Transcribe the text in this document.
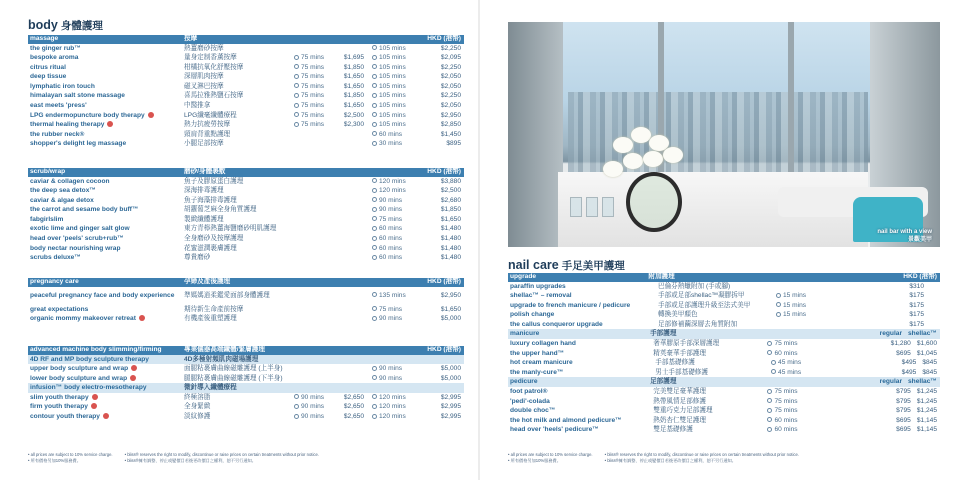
body 身體護理
massage	按摩	HKD (港幣)
the ginger rub™	熱薑磨砂按摩	105 mins	$2,250
bespoke aroma	量身定制香薰按摩	75 mins	$1,695	105 mins	$2,095
citrus ritual	柑橘抗氧化舒壓按摩	75 mins	$1,850	105 mins	$2,250
deep tissue	深層肌肉按摩	75 mins	$1,650	105 mins	$2,050
lymphatic iron touch	磁叉淋巴按摩	75 mins	$1,650	105 mins	$2,050
himalayan salt stone massage	喜馬拉雅熱鹽石按摩	75 mins	$1,850	105 mins	$2,250
east meets 'press'	中醫推拿	75 mins	$1,650	105 mins	$2,050
LPG endermopuncture body therapy	LPG纖毫纖體療程	75 mins	$2,500	105 mins	$2,950
thermal healing therapy	熱力抗疲勞按摩	75 mins	$2,300	105 mins	$2,850
the rubber neck®	頸肩背重點護理	60 mins	$1,450
shopper's delight leg massage	小腿足部按摩	30 mins	$895
scrub/wrap	磨砂/身體裹敷	HKD (港幣)
caviar & collagen cocoon	魚子及膠原蛋白護理	120 mins	$3,880
the deep sea detox™	深海排毒護理	120 mins	$2,500
caviar & algae detox	魚子海藻排毒護理	90 mins	$2,680
the carrot and sesame body buff™	胡蘿蔔芝麻全身角質護理	90 mins	$1,850
fabgirlslim	製緻纖體護理	75 mins	$1,650
exotic lime and ginger salt glow	東方青檸熱薑海鹽磨砂明肌護理	60 mins	$1,480
head over 'peels' scrub+rub™	全身磨砂及按摩護理	60 mins	$1,480
body nectar nourishing wrap	花蜜滋潤裹膚護理	60 mins	$1,480
scrubs deluxe™	尊貴磨砂	60 mins	$1,480
pregnancy care	孕婦及產後護理	HKD (港幣)
peaceful pregnancy face and body experience	準媽媽逍柔鑑愛面部身體護理	135 mins	$2,950
great expectations	期待新生命產前按摩	75 mins	$1,650
organic mommy makeover retreat	有機產後重塑護理	90 mins	$5,000
advanced machine body slimming/firming	專業儀器高端纖體/緊膚護理	HKD (港幣)
4D RF and MP body sculpture therapy	4D多極射頻肌肉磁場護理
upper body sculpture and wrap	面腿粘裹膚曲線磁雕護理 (上半身)	90 mins	$5,000
lower body sculpture and wrap	腿腿粘裹膚曲線磁雕護理 (下半身)	90 mins	$5,000
infusion™ body electro-mesotherapy	微針導入纖體療程
slim youth therapy	終極溶脂	90 mins	$2,650	120 mins	$2,995
firm youth therapy	全身緊緻	90 mins	$2,650	120 mins	$2,995
contour youth therapy	淡紋修護	90 mins	$2,650	120 mins	$2,995
• all prices are subject to 10% service charge.
• 所有價格另加10%服務費。
• bliss® reserves the right to modify, discontinue or raise prices on certain treatments without prior notice.
• bliss®擁有調整、停止或變價目若後更改價目之權利，恕不另行通知。
nail bar with a view
景觀美甲
nail care 手足美甲護理
upgrade	附加護理	HKD (港幣)
paraffin upgrades	巴倫芬熱蠟附加 (手或腳)	$310
shellac™ – removal	手部或足部shellac™凝膠拆甲	15 mins	$175
upgrade to french manicure / pedicure	手部或足部護理升級至法式美甲	15 mins	$175
polish change	轉換美甲顏色	15 mins	$175
the callus conqueror upgrade	足部修補繭深層去角質附加	$175
manicure	手部護理	regular shellac™
luxury collagen hand	奢華膠原手部深層護理	75 mins	$1,280 $1,600
the upper hand™	精英豪華手部護理	60 mins	$695 $1,045
hot cream manicure	手部基礎修護	45 mins	$495 $845
the manly-cure™	男士手部基礎修護	45 mins	$495 $845
pedicure	足部護理	regular shellac™
foot patrol®	完美雙足豪華護理	75 mins	$795 $1,245
'pedi'-colada	熱帶風情足部修護	75 mins	$795 $1,245
double choc™	雙重巧克力足部護理	75 mins	$795 $1,245
the hot milk and almond pedicure™	熱奶杏仁雙足護理	60 mins	$695 $1,145
head over 'heels' pedicure™	雙足基礎修護	60 mins	$695 $1,145
• all prices are subject to 10% service charge.
• 所有價格另加10%服務費。
• bliss® reserves the right to modify, discontinue or raise prices on certain treatments without prior notice.
• bliss®擁有調整、停止或變價目若後更改價目之權利，恕不另行通知。
